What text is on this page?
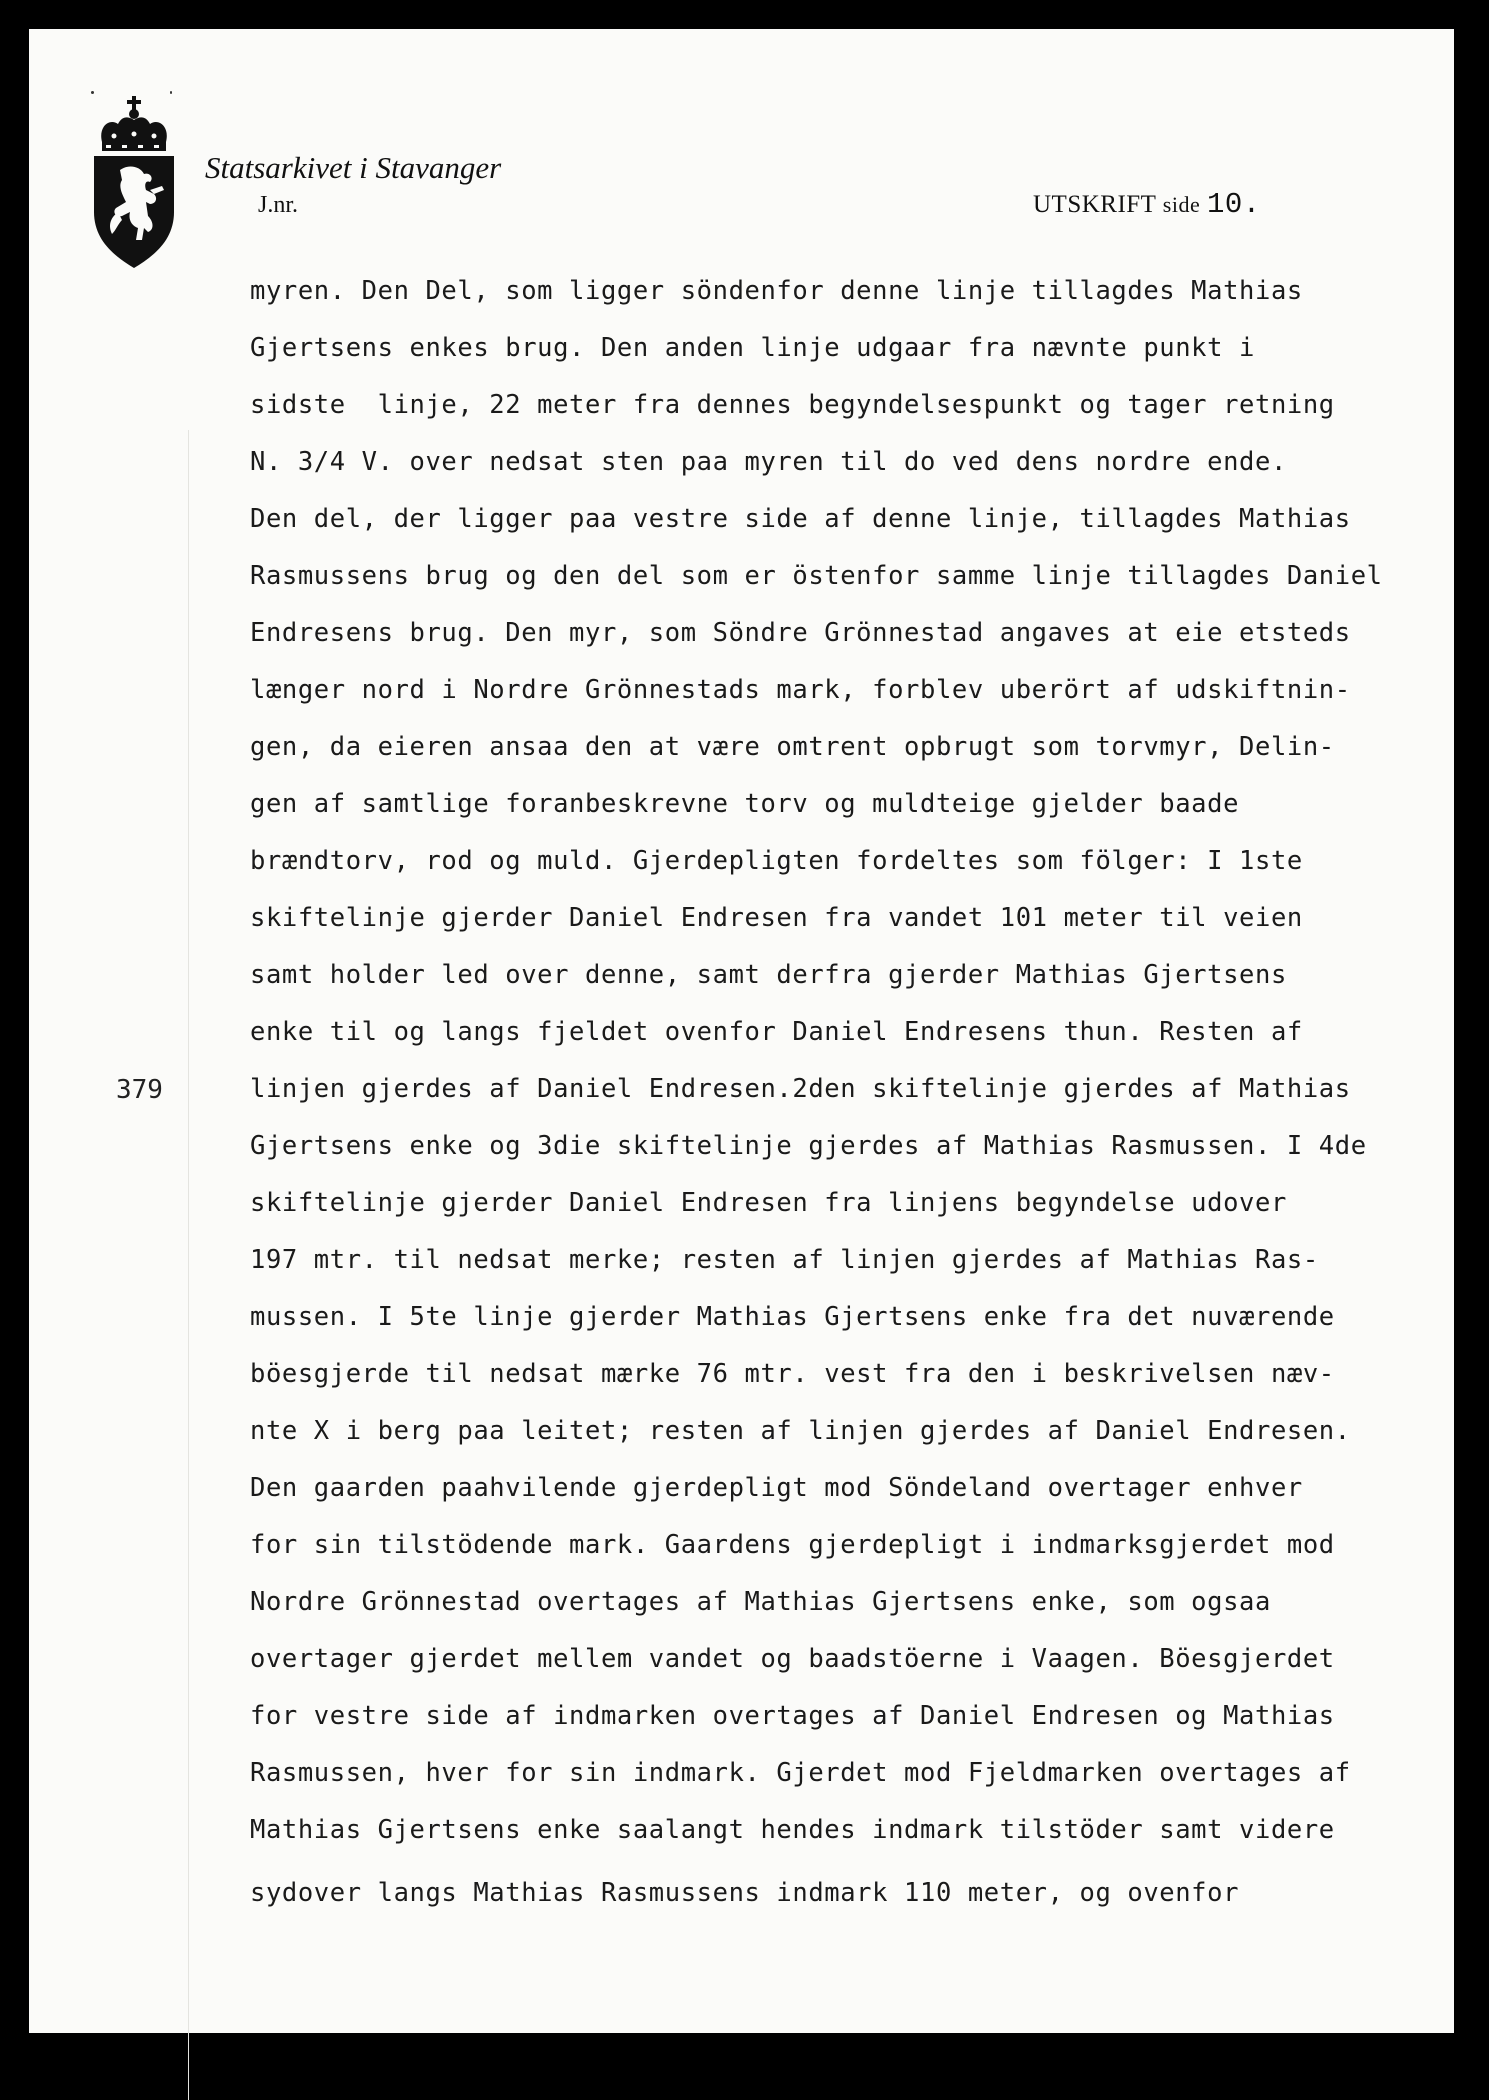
Statsarkivet i Stavanger
J.nr.	UTSKRIFT side 10.
379
myren. Den Del, som ligger söndenfor denne linje tillagdes Mathias
Gjertsens enkes brug. Den anden linje udgaar fra nævnte punkt i
sidste  linje, 22 meter fra dennes begyndelsespunkt og tager retning
N. 3/4 V. over nedsat sten paa myren til do ved dens nordre ende.
Den del, der ligger paa vestre side af denne linje, tillagdes Mathias
Rasmussens brug og den del som er östenfor samme linje tillagdes Daniel
Endresens brug. Den myr, som Söndre Grönnestad angaves at eie etsteds
længer nord i Nordre Grönnestads mark, forblev uberört af udskiftnin-
gen, da eieren ansaa den at være omtrent opbrugt som torvmyr, Delin-
gen af samtlige foranbeskrevne torv og muldteige gjelder baade
brændtorv, rod og muld. Gjerdepligten fordeltes som fölger: I 1ste
skiftelinje gjerder Daniel Endresen fra vandet 101 meter til veien
samt holder led over denne, samt derfra gjerder Mathias Gjertsens
enke til og langs fjeldet ovenfor Daniel Endresens thun. Resten af
linjen gjerdes af Daniel Endresen.2den skiftelinje gjerdes af Mathias
Gjertsens enke og 3die skiftelinje gjerdes af Mathias Rasmussen. I 4de
skiftelinje gjerder Daniel Endresen fra linjens begyndelse udover
197 mtr. til nedsat merke; resten af linjen gjerdes af Mathias Ras-
mussen. I 5te linje gjerder Mathias Gjertsens enke fra det nuværende
böesgjerde til nedsat mærke 76 mtr. vest fra den i beskrivelsen næv-
nte X i berg paa leitet; resten af linjen gjerdes af Daniel Endresen.
Den gaarden paahvilende gjerdepligt mod Söndeland overtager enhver
for sin tilstödende mark. Gaardens gjerdepligt i indmarksgjerdet mod
Nordre Grönnestad overtages af Mathias Gjertsens enke, som ogsaa
overtager gjerdet mellem vandet og baadstöerne i Vaagen. Böesgjerdet
for vestre side af indmarken overtages af Daniel Endresen og Mathias
Rasmussen, hver for sin indmark. Gjerdet mod Fjeldmarken overtages af
Mathias Gjertsens enke saalangt hendes indmark tilstöder samt videre
sydover langs Mathias Rasmussens indmark 110 meter, og ovenfor
